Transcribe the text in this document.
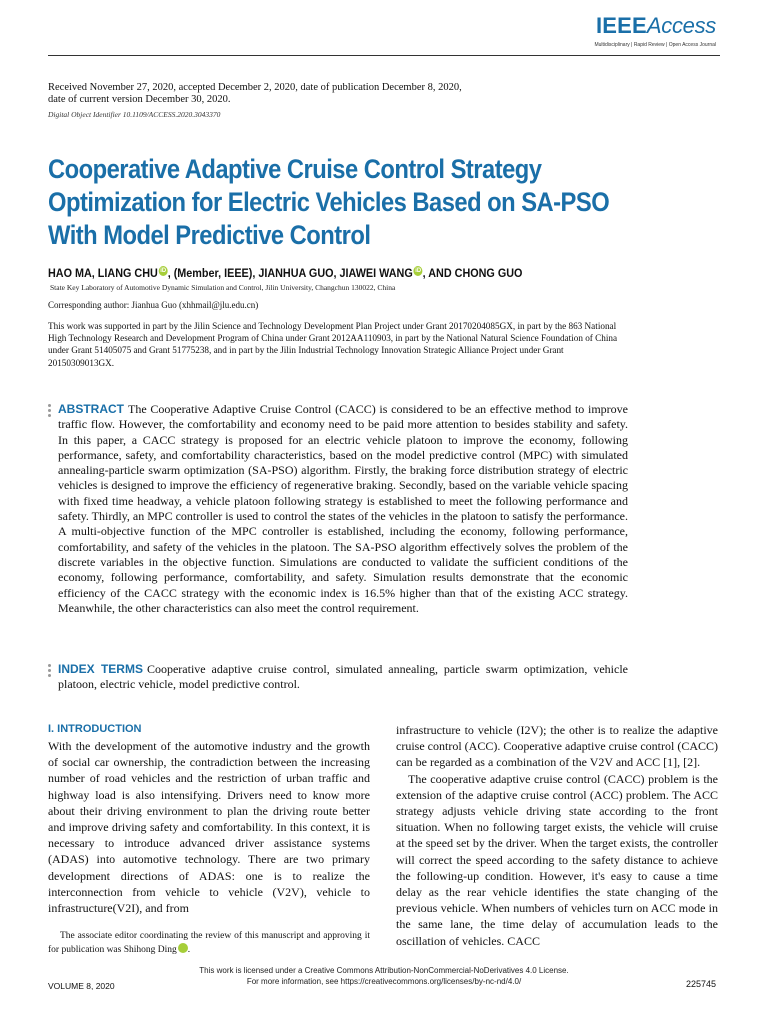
IEEEAccess
Multidisciplinary | Rapid Review | Open Access Journal
Received November 27, 2020, accepted December 2, 2020, date of publication December 8, 2020,
date of current version December 30, 2020.
Digital Object Identifier 10.1109/ACCESS.2020.3043370
Cooperative Adaptive Cruise Control Strategy Optimization for Electric Vehicles Based on SA-PSO With Model Predictive Control
HAO MA, LIANG CHU iD , (Member, IEEE), JIANHUA GUO, JIAWEI WANG iD , AND CHONG GUO
State Key Laboratory of Automotive Dynamic Simulation and Control, Jilin University, Changchun 130022, China
Corresponding author: Jianhua Guo (xhhmail@jlu.edu.cn)
This work was supported in part by the Jilin Science and Technology Development Plan Project under Grant 20170204085GX, in part by the 863 National High Technology Research and Development Program of China under Grant 2012AA110903, in part by the National Natural Science Foundation of China under Grant 51405075 and Grant 51775238, and in part by the Jilin Industrial Technology Innovation Strategic Alliance Project under Grant 20150309013GX.

ABSTRACT The Cooperative Adaptive Cruise Control (CACC) is considered to be an effective method to improve traffic flow. However, the comfortability and economy need to be paid more attention to besides stability and safety. In this paper, a CACC strategy is proposed for an electric vehicle platoon to improve the economy, following performance, safety, and comfortability characteristics, based on the model predictive control (MPC) with simulated annealing-particle swarm optimization (SA-PSO) algorithm. Firstly, the braking force distribution strategy of electric vehicles is designed to improve the efficiency of regenerative braking. Secondly, based on the variable vehicle spacing with fixed time headway, a vehicle platoon following strategy is established to meet the following performance and safety. Thirdly, an MPC controller is used to control the states of the vehicles in the platoon to satisfy the performance. A multi-objective function of the MPC controller is established, including the economy, following performance, comfortability, and safety of the vehicles in the platoon. The SA-PSO algorithm effectively solves the problem of the discrete variables in the objective function. Simulations are conducted to validate the sufficient conditions of the economy, following performance, comfortability, and safety. Simulation results demonstrate that the economic efficiency of the CACC strategy with the economic index is 16.5% higher than that of the existing ACC strategy. Meanwhile, the other characteristics can also meet the control requirement.

INDEX TERMS Cooperative adaptive cruise control, simulated annealing, particle swarm optimization, vehicle platoon, electric vehicle, model predictive control.

I. INTRODUCTION

With the development of the automotive industry and the growth of social car ownership, the contradiction between the increasing number of road vehicles and the restriction of urban traffic and highway load is also intensifying. Drivers need to know more about their driving environment to plan the driving route better and improve driving safety and comfortability. In this context, it is necessary to introduce advanced driver assistance systems (ADAS) into automotive technology. There are two primary development directions of ADAS: one is to realize the interconnection from vehicle to vehicle (V2V), vehicle to infrastructure(V2I), and from

The associate editor coordinating the review of this manuscript and approving it for publication was Shihong Ding iD.

infrastructure to vehicle (I2V); the other is to realize the adaptive cruise control (ACC). Cooperative adaptive cruise control (CACC) can be regarded as a combination of the V2V and ACC [1], [2].

The cooperative adaptive cruise control (CACC) problem is the extension of the adaptive cruise control (ACC) problem. The ACC strategy adjusts vehicle driving state according to the front situation. When no following target exists, the vehicle will cruise at the speed set by the driver. When the target exists, the controller will correct the speed according to the safety distance to achieve the following-up condition. However, it's easy to cause a time delay as the rear vehicle identifies the state changing of the previous vehicle. When numbers of vehicles turn on ACC mode in the same lane, the time delay of accumulation leads to the oscillation of vehicles. CACC

This work is licensed under a Creative Commons Attribution-NonCommercial-NoDerivatives 4.0 License.
For more information, see https://creativecommons.org/licenses/by-nc-nd/4.0/
VOLUME 8, 2020	225745
